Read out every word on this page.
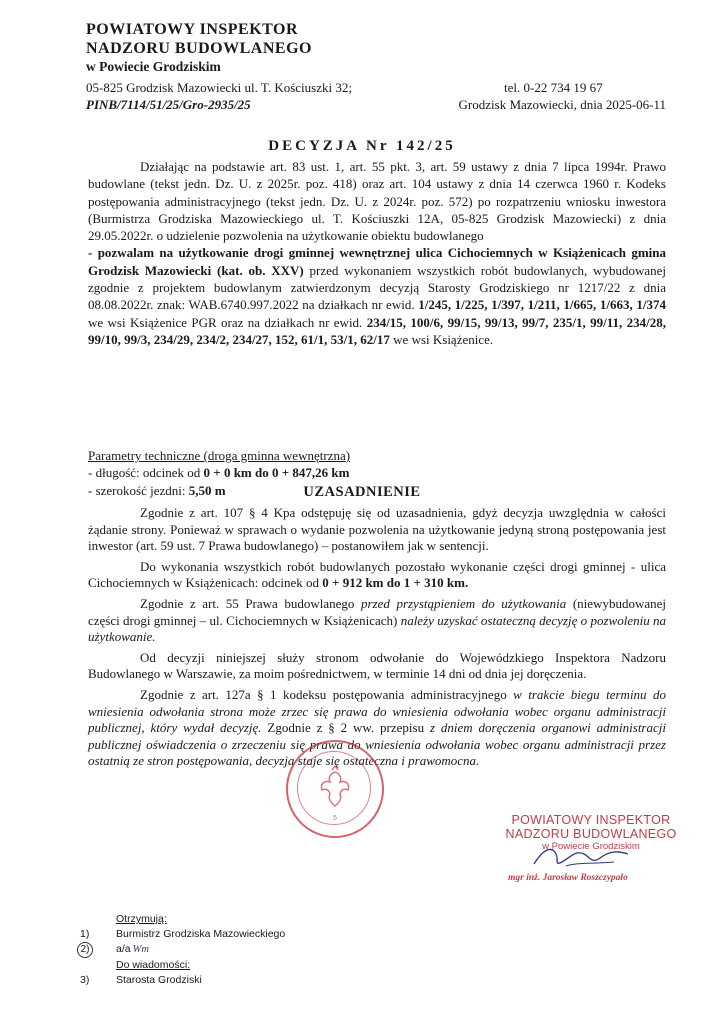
POWIATOWY INSPEKTOR
NADZORU BUDOWLANEGO
w Powiecie Grodziskim
05-825 Grodzisk Mazowiecki ul. T. Kościuszki 32;	tel. 0-22 734 19 67
PINB/7114/51/25/Gro-2935/25	Grodzisk Mazowiecki, dnia 2025-06-11
DECYZJA Nr 142/25

Działając na podstawie art. 83 ust. 1, art. 55 pkt. 3, art. 59 ustawy z dnia 7 lipca 1994r. Prawo budowlane (tekst jedn. Dz. U. z 2025r. poz. 418) oraz art. 104 ustawy z dnia 14 czerwca 1960 r. Kodeks postępowania administracyjnego (tekst jedn. Dz. U. z 2024r. poz. 572) po rozpatrzeniu wniosku inwestora (Burmistrza Grodziska Mazowieckiego ul. T. Kościuszki 12A, 05-825 Grodzisk Mazowiecki) z dnia 29.05.2022r. o udzielenie pozwolenia na użytkowanie obiektu budowlanego

- pozwalam na użytkowanie drogi gminnej wewnętrznej ulica Cichociemnych w Książenicach gmina Grodzisk Mazowiecki (kat. ob. XXV) przed wykonaniem wszystkich robót budowlanych, wybudowanej zgodnie z projektem budowlanym zatwierdzonym decyzją Starosty Grodziskiego nr 1217/22 z dnia 08.08.2022r. znak: WAB.6740.997.2022 na działkach nr ewid. 1/245, 1/225, 1/397, 1/211, 1/665, 1/663, 1/374 we wsi Książenice PGR oraz na działkach nr ewid. 234/15, 100/6, 99/15, 99/13, 99/7, 235/1, 99/11, 234/28, 99/10, 99/3, 234/29, 234/2, 234/27, 152, 61/1, 53/1, 62/17 we wsi Książenice.

Parametry techniczne (droga gminna wewnętrzna)
- długość: odcinek od 0 + 0 km do 0 + 847,26 km
- szerokość jezdni: 5,50 m	UZASADNIENIE

Zgodnie z art. 107 § 4 Kpa odstępuję się od uzasadnienia, gdyż decyzja uwzględnia w całości żądanie strony. Ponieważ w sprawach o wydanie pozwolenia na użytkowanie jedyną stroną postępowania jest inwestor (art. 59 ust. 7 Prawa budowlanego) – postanowiłem jak w sentencji.

Do wykonania wszystkich robót budowlanych pozostało wykonanie części drogi gminnej - ulica Cichociemnych w Książenicach: odcinek od 0 + 912 km do 1 + 310 km.

Zgodnie z art. 55 Prawa budowlanego przed przystąpieniem do użytkowania (niewybudowanej części drogi gminnej – ul. Cichociemnych w Książenicach) należy uzyskać ostateczną decyzję o pozwoleniu na użytkowanie.

Od decyzji niniejszej służy stronom odwołanie do Wojewódzkiego Inspektora Nadzoru Budowlanego w Warszawie, za moim pośrednictwem, w terminie 14 dni od dnia jej doręczenia.

Zgodnie z art. 127a § 1 kodeksu postępowania administracyjnego w trakcie biegu terminu do wniesienia odwołania strona może zrzec się prawa do wniesienia odwołania wobec organu administracji publicznej, który wydał decyzję. Zgodnie z § 2 ww. przepisu z dniem doręczenia organowi administracji publicznej oświadczenia o zrzeczeniu się prawa do wniesienia odwołania wobec organu administracji przez ostatnią ze stron postępowania, decyzja staje się ostateczna i prawomocna.

5	POWIATOWY INSPEKTOR
NADZORU BUDOWLANEGO
w Powiecie Grodziskim
mgr inż. Jarosław Roszczypało
Otrzymują:
1)	Burmistrz Grodziska Mazowieckiego
2)	a/a Wm
Do wiadomości:
3)	Starosta Grodziski
